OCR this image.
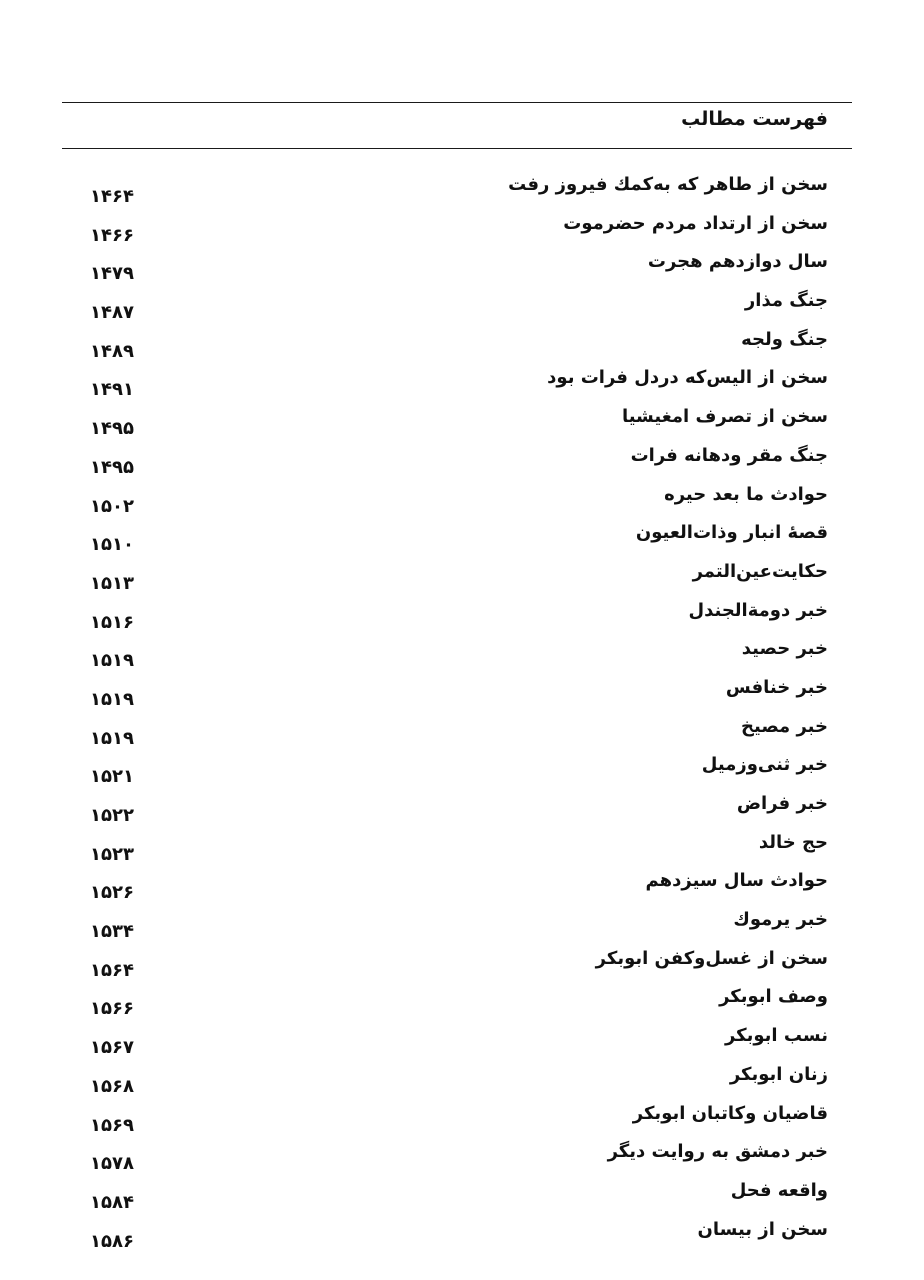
فهرست مطالب
سخن از طاهر که به‌کمك فیروز رفت
۱۴۶۴
سخن از ارتداد مردم حضرموت
۱۴۶۶
سال دوازدهم هجرت
۱۴۷۹
جنگ مذار
۱۴۸۷
جنگ ولجه
۱۴۸۹
سخن از الیس‌که دردل فرات بود
۱۴۹۱
سخن از تصرف امغیشیا
۱۴۹۵
جنگ مقر ودهانه فرات
۱۴۹۵
حوادث ما بعد حیره
۱۵۰۲
قصهٔ انبار وذات‌العیون
۱۵۱۰
حکایت‌عین‌التمر
۱۵۱۳
خبر دومة‌الجندل
۱۵۱۶
خبر حصید
۱۵۱۹
خبر خنافس
۱۵۱۹
خبر مصیخ
۱۵۱۹
خبر ثنی‌وزمیل
۱۵۲۱
خبر فراض
۱۵۲۲
حج خالد
۱۵۲۳
حوادث سال سیزدهم
۱۵۲۶
خبر یرموك
۱۵۳۴
سخن از غسل‌وکفن ابوبکر
۱۵۶۴
وصف ابوبکر
۱۵۶۶
نسب ابوبکر
۱۵۶۷
زنان ابوبکر
۱۵۶۸
قاضیان وکاتبان ابوبکر
۱۵۶۹
خبر دمشق به روایت دیگر
۱۵۷۸
واقعه فحل
۱۵۸۴
سخن از بیسان
۱۵۸۶
